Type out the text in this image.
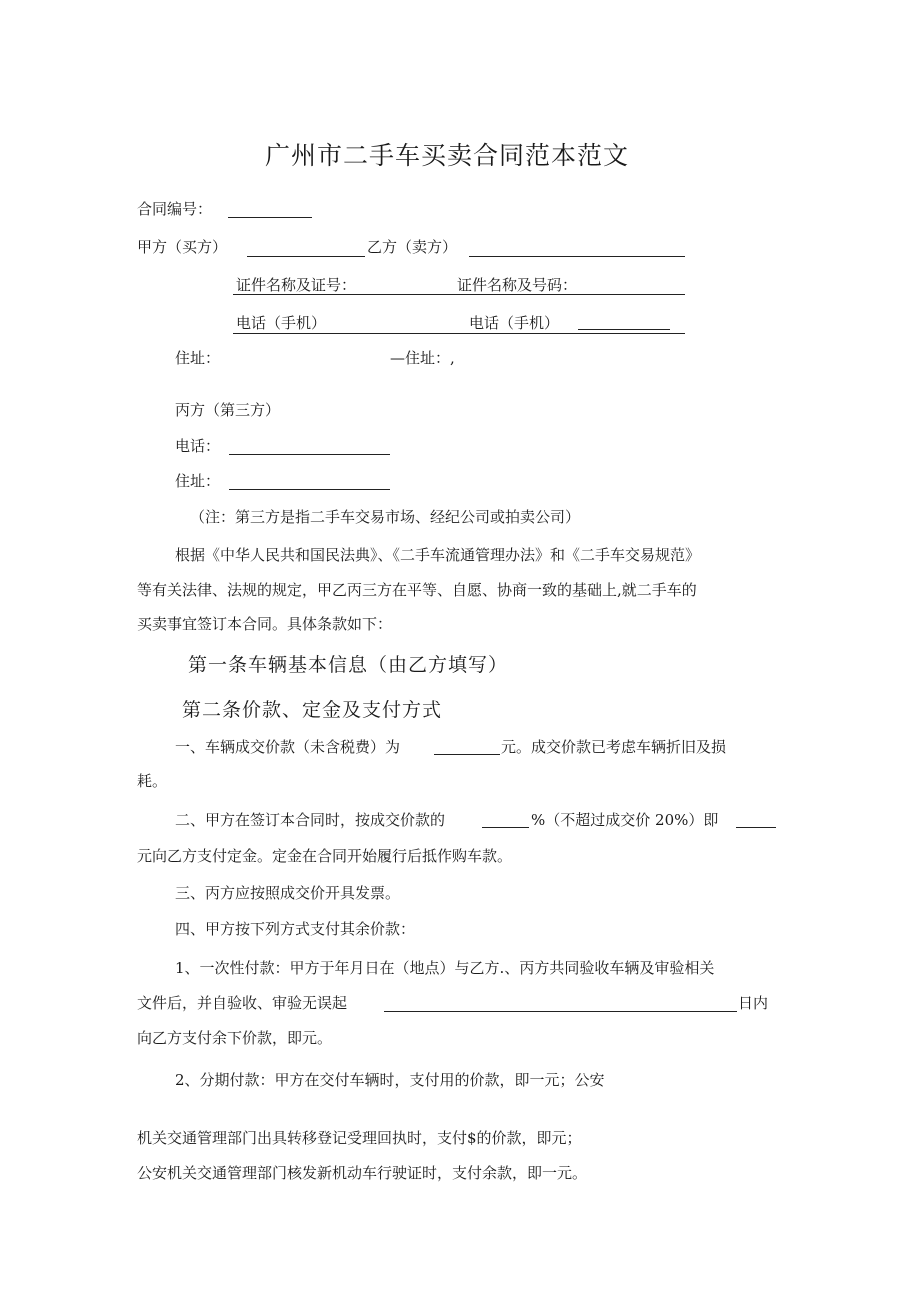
广州市二手车买卖合同范本范文
合同编号：
甲方（买方）	乙方（卖方）
证件名称及证号：	证件名称及号码：
电话（手机）	电话（手机）
住址：	—住址：,
丙方（第三方）
电话：
住址：
（注：第三方是指二手车交易市场、经纪公司或拍卖公司）
根据《中华人民共和国民法典》、《二手车流通管理办法》和《二手车交易规范》
等有关法律、法规的规定，甲乙丙三方在平等、自愿、协商一致的基础上,就二手车的
买卖事宜签订本合同。具体条款如下：
第一条车辆基本信息（由乙方填写）
第二条价款、定金及支付方式
一、车辆成交价款（未含税费）为	元。成交价款已考虑车辆折旧及损
耗。
二、甲方在签订本合同时，按成交价款的	%（不超过成交价 20%）即
元向乙方支付定金。定金在合同开始履行后抵作购车款。
三、丙方应按照成交价开具发票。
四、甲方按下列方式支付其余价款：
1、一次性付款：甲方于年月日在（地点）与乙方.、丙方共同验收车辆及审验相关
文件后，并自验收、审验无误起	日内
向乙方支付余下价款，即元。
2、分期付款：甲方在交付车辆时，支付用的价款，即一元；公安
机关交通管理部门出具转移登记受理回执时，支付$的价款，即元；
公安机关交通管理部门核发新机动车行驶证时，支付余款，即一元。
